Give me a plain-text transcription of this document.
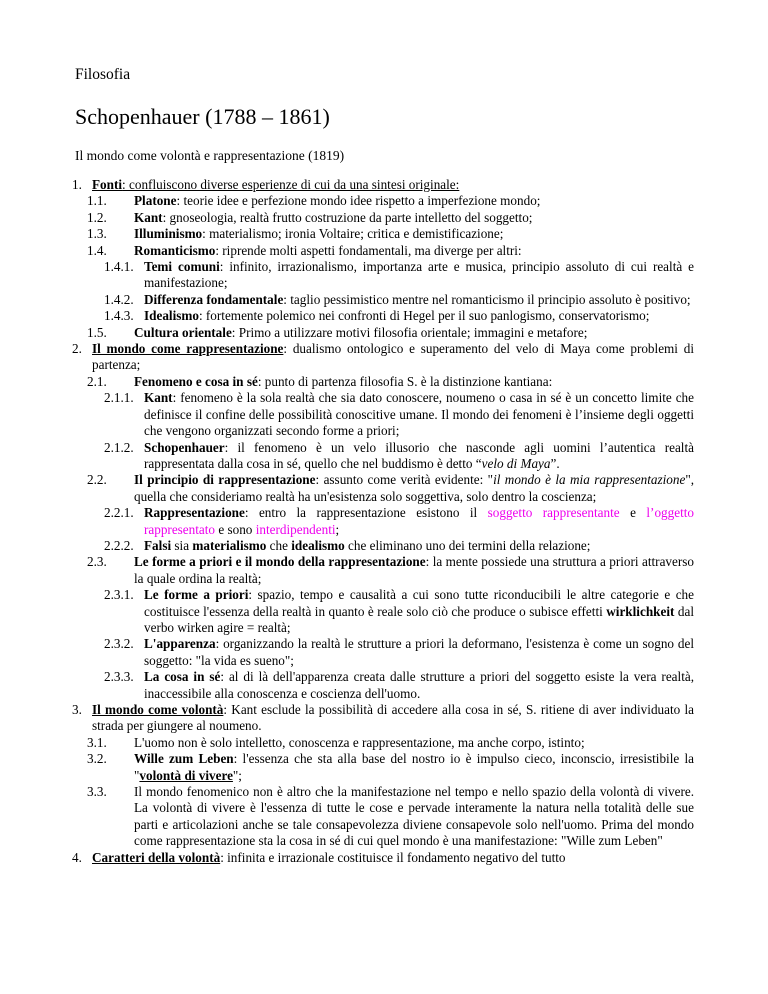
Filosofia
Schopenhauer (1788 – 1861)
Il mondo come volontà e rappresentazione (1819)
1. Fonti: confluiscono diverse esperienze di cui da una sintesi originale:
1.1. Platone: teorie idee e perfezione mondo idee rispetto a imperfezione mondo;
1.2. Kant: gnoseologia, realtà frutto costruzione da parte intelletto del soggetto;
1.3. Illuminismo: materialismo; ironia Voltaire; critica e demistificazione;
1.4. Romanticismo: riprende molti aspetti fondamentali, ma diverge per altri:
1.4.1. Temi comuni: infinito, irrazionalismo, importanza arte e musica, principio assoluto di cui realtà e manifestazione;
1.4.2. Differenza fondamentale: taglio pessimistico mentre nel romanticismo il principio assoluto è positivo;
1.4.3. Idealismo: fortemente polemico nei confronti di Hegel per il suo panlogismo, conservatorismo;
1.5. Cultura orientale: Primo a utilizzare motivi filosofia orientale; immagini e metafore;
2. Il mondo come rappresentazione: dualismo ontologico e superamento del velo di Maya come problemi di partenza;
2.1. Fenomeno e cosa in sé: punto di partenza filosofia S. è la distinzione kantiana:
2.1.1. Kant: fenomeno è la sola realtà che sia dato conoscere, noumeno o casa in sé è un concetto limite che definisce il confine delle possibilità conoscitive umane. Il mondo dei fenomeni è l’insieme degli oggetti che vengono organizzati secondo forme a priori;
2.1.2. Schopenhauer: il fenomeno è un velo illusorio che nasconde agli uomini l’autentica realtà rappresentata dalla cosa in sé, quello che nel buddismo è detto “velo di Maya”.
2.2. Il principio di rappresentazione: assunto come verità evidente: "il mondo è la mia rappresentazione", quella che consideriamo realtà ha un'esistenza solo soggettiva, solo dentro la coscienza;
2.2.1. Rappresentazione: entro la rappresentazione esistono il soggetto rappresentante e l’oggetto rappresentato e sono interdipendenti;
2.2.2. Falsi sia materialismo che idealismo che eliminano uno dei termini della relazione;
2.3. Le forme a priori e il mondo della rappresentazione: la mente possiede una struttura a priori attraverso la quale ordina la realtà;
2.3.1. Le forme a priori: spazio, tempo e causalità a cui sono tutte riconducibili le altre categorie e che costituisce l'essenza della realtà in quanto è reale solo ciò che produce o subisce effetti wirklichkeit dal verbo wirken agire = realtà;
2.3.2. L'apparenza: organizzando la realtà le strutture a priori la deformano, l'esistenza è come un sogno del soggetto: "la vida es sueno";
2.3.3. La cosa in sé: al di là dell'apparenza creata dalle strutture a priori del soggetto esiste la vera realtà, inaccessibile alla conoscenza e coscienza dell'uomo.
3. Il mondo come volontà: Kant esclude la possibilità di accedere alla cosa in sé, S. ritiene di aver individuato la strada per giungere al noumeno.
3.1. L'uomo non è solo intelletto, conoscenza e rappresentazione, ma anche corpo, istinto;
3.2. Wille zum Leben: l'essenza che sta alla base del nostro io è impulso cieco, inconscio, irresistibile la "volontà di vivere";
3.3. Il mondo fenomenico non è altro che la manifestazione nel tempo e nello spazio della volontà di vivere. La volontà di vivere è l'essenza di tutte le cose e pervade interamente la natura nella totalità delle sue parti e articolazioni anche se tale consapevolezza diviene consapevole solo nell'uomo. Prima del mondo come rappresentazione sta la cosa in sé di cui quel mondo è una manifestazione: "Wille zum Leben"
4. Caratteri della volontà: infinita e irrazionale costituisce il fondamento negativo del tutto
